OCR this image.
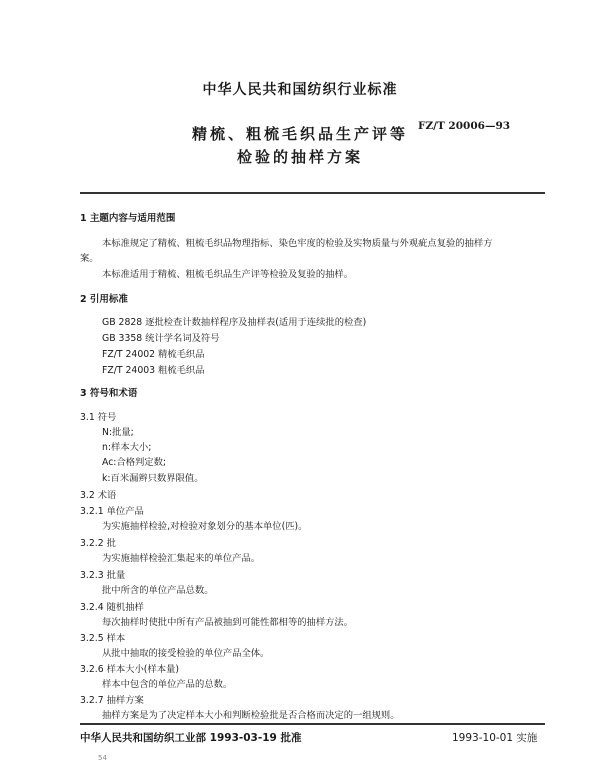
中华人民共和国纺织行业标准
FZ/T 20006—93
精梳、粗梳毛织品生产评等
检验的抽样方案
1 主题内容与适用范围
本标准规定了精梳、粗梳毛织品物理指标、染色牢度的检验及实物质量与外观疵点复验的抽样方
案。
本标准适用于精梳、粗梳毛织品生产评等检验及复验的抽样。
2 引用标准
GB 2828 逐批检查计数抽样程序及抽样表(适用于连续批的检查)
GB 3358 统计学名词及符号
FZ/T 24002 精梳毛织品
FZ/T 24003 粗梳毛织品
3 符号和术语
3.1 符号
N:批量;
n:样本大小;
Ac:合格判定数;
k:百米漏辫只数界限值。
3.2 术语
3.2.1 单位产品
为实施抽样检验,对检验对象划分的基本单位(匹)。
3.2.2 批
为实施抽样检验汇集起来的单位产品。
3.2.3 批量
批中所含的单位产品总数。
3.2.4 随机抽样
每次抽样时使批中所有产品被抽到可能性都相等的抽样方法。
3.2.5 样本
从批中抽取的接受检验的单位产品全体。
3.2.6 样本大小(样本量)
样本中包含的单位产品的总数。
3.2.7 抽样方案
抽样方案是为了决定样本大小和判断检验批是否合格而决定的一组规则。
中华人民共和国纺织工业部 1993-03-19 批准	1993-10-01 实施
54
